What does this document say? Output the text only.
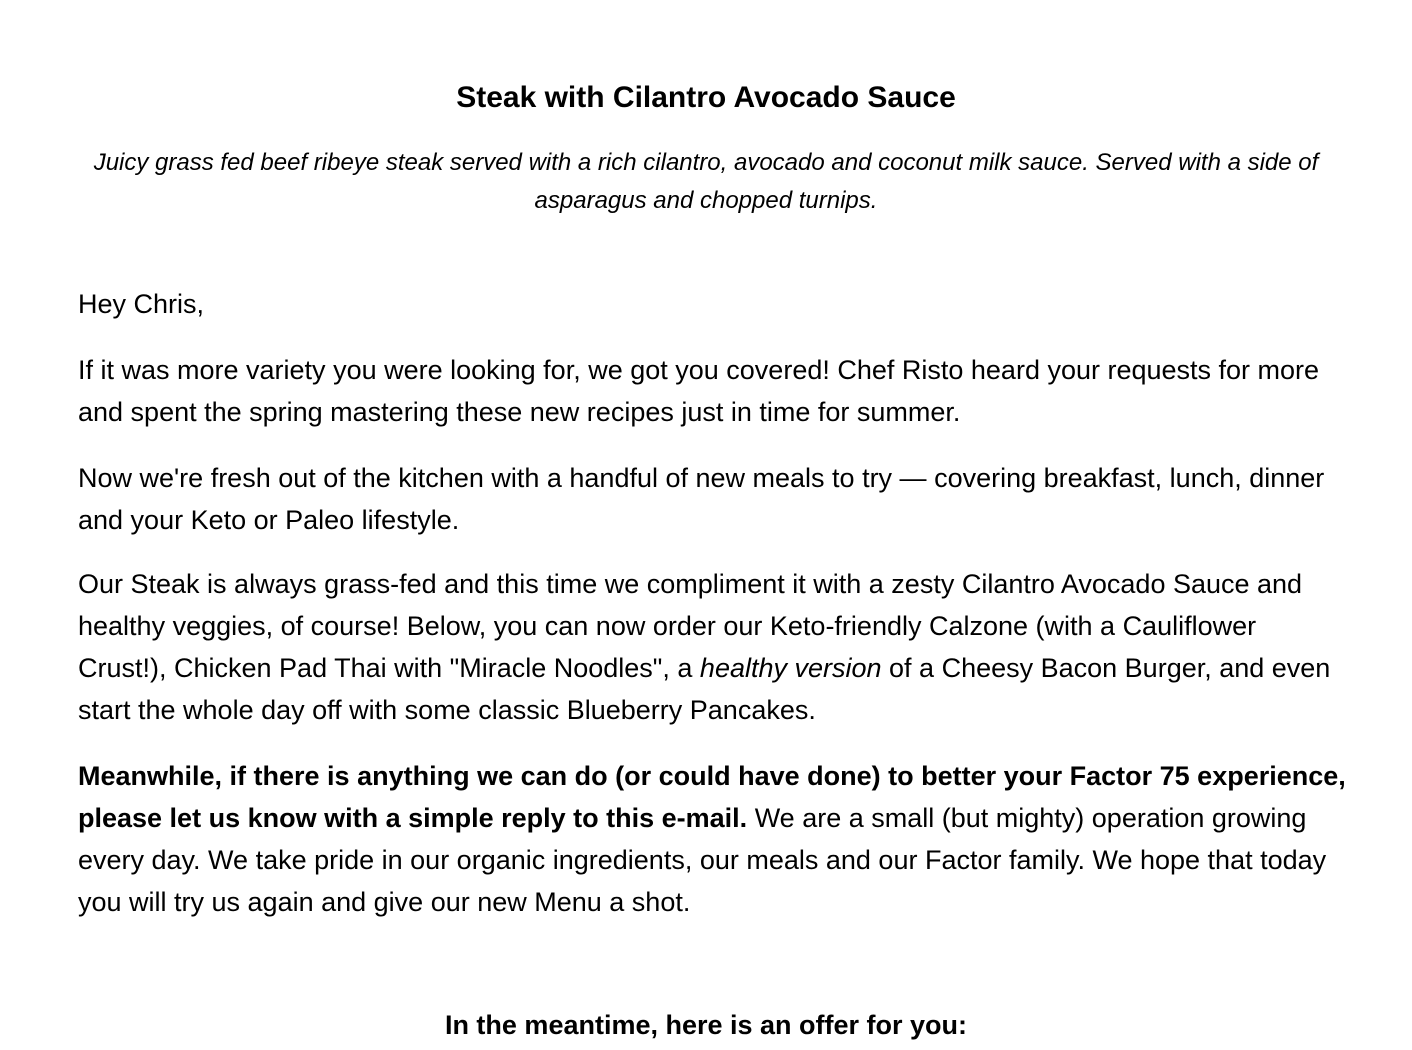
Steak with Cilantro Avocado Sauce

Juicy grass fed beef ribeye steak served with a rich cilantro, avocado and coconut milk sauce. Served with a side of asparagus and chopped turnips.

Hey Chris,

If it was more variety you were looking for, we got you covered! Chef Risto heard your requests for more and spent the spring mastering these new recipes just in time for summer.

Now we're fresh out of the kitchen with a handful of new meals to try — covering breakfast, lunch, dinner and your Keto or Paleo lifestyle.

Our Steak is always grass-fed and this time we compliment it with a zesty Cilantro Avocado Sauce and healthy veggies, of course! Below, you can now order our Keto-friendly Calzone (with a Cauliflower Crust!), Chicken Pad Thai with "Miracle Noodles", a healthy version of a Cheesy Bacon Burger, and even start the whole day off with some classic Blueberry Pancakes.

Meanwhile, if there is anything we can do (or could have done) to better your Factor 75 experience, please let us know with a simple reply to this e-mail. We are a small (but mighty) operation growing every day. We take pride in our organic ingredients, our meals and our Factor family. We hope that today you will try us again and give our new Menu a shot.

In the meantime, here is an offer for you:
